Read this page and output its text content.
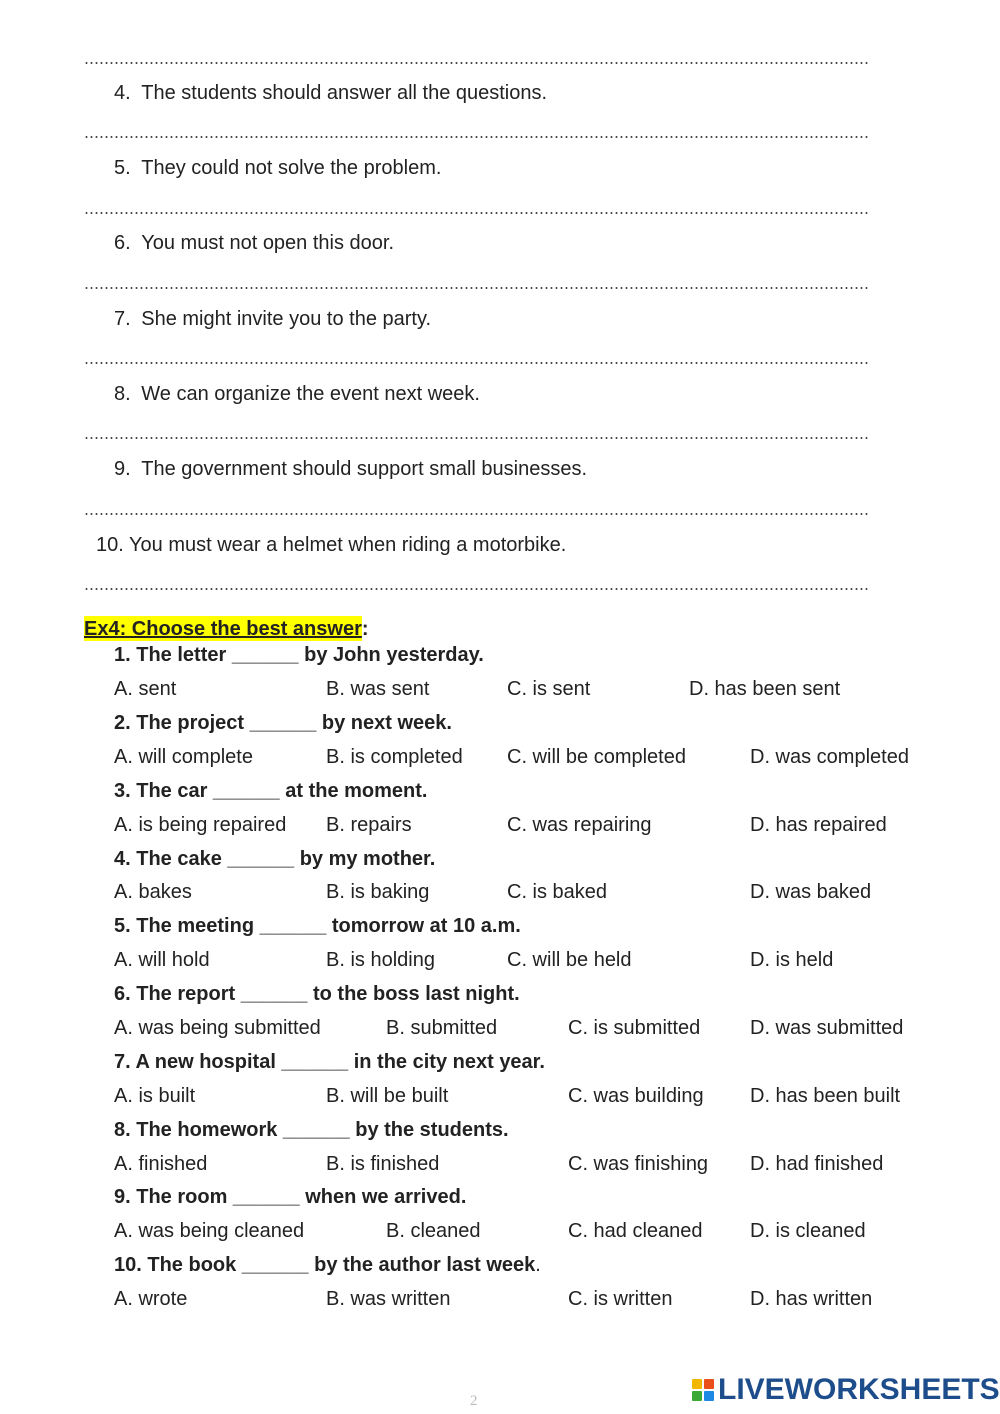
4. The students should answer all the questions.
5. They could not solve the problem.
6. You must not open this door.
7. She might invite you to the party.
8. We can organize the event next week.
9. The government should support small businesses.
10. You must wear a helmet when riding a motorbike.
Ex4: Choose the best answer:
1. The letter ______ by John yesterday.
A. sent	B. was sent	C. is sent	D. has been sent
2. The project ______ by next week.
A. will complete	B. is completed C. will be completed	D. was completed
3. The car ______ at the moment.
A. is being repaired B. repairs	C. was repairing	D. has repaired
4. The cake ______ by my mother.
A. bakes	B. is baking	C. is baked	D. was baked
5. The meeting ______ tomorrow at 10 a.m.
A. will hold	B. is holding	C. will be held	D. is held
6. The report ______ to the boss last night.
A. was being submitted	B. submitted	C. is submitted D. was submitted
7. A new hospital ______ in the city next year.
A. is built	B. will be built	C. was building D. has been built
8. The homework ______ by the students.
A. finished	B. is finished	C. was finishing D. had finished
9. The room ______ when we arrived.
A. was being cleaned	B. cleaned	C. had cleaned D. is cleaned
10. The book ______ by the author last week.
A. wrote	B. was written	C. is written	D. has written
2	LIVEWORKSHEETS
